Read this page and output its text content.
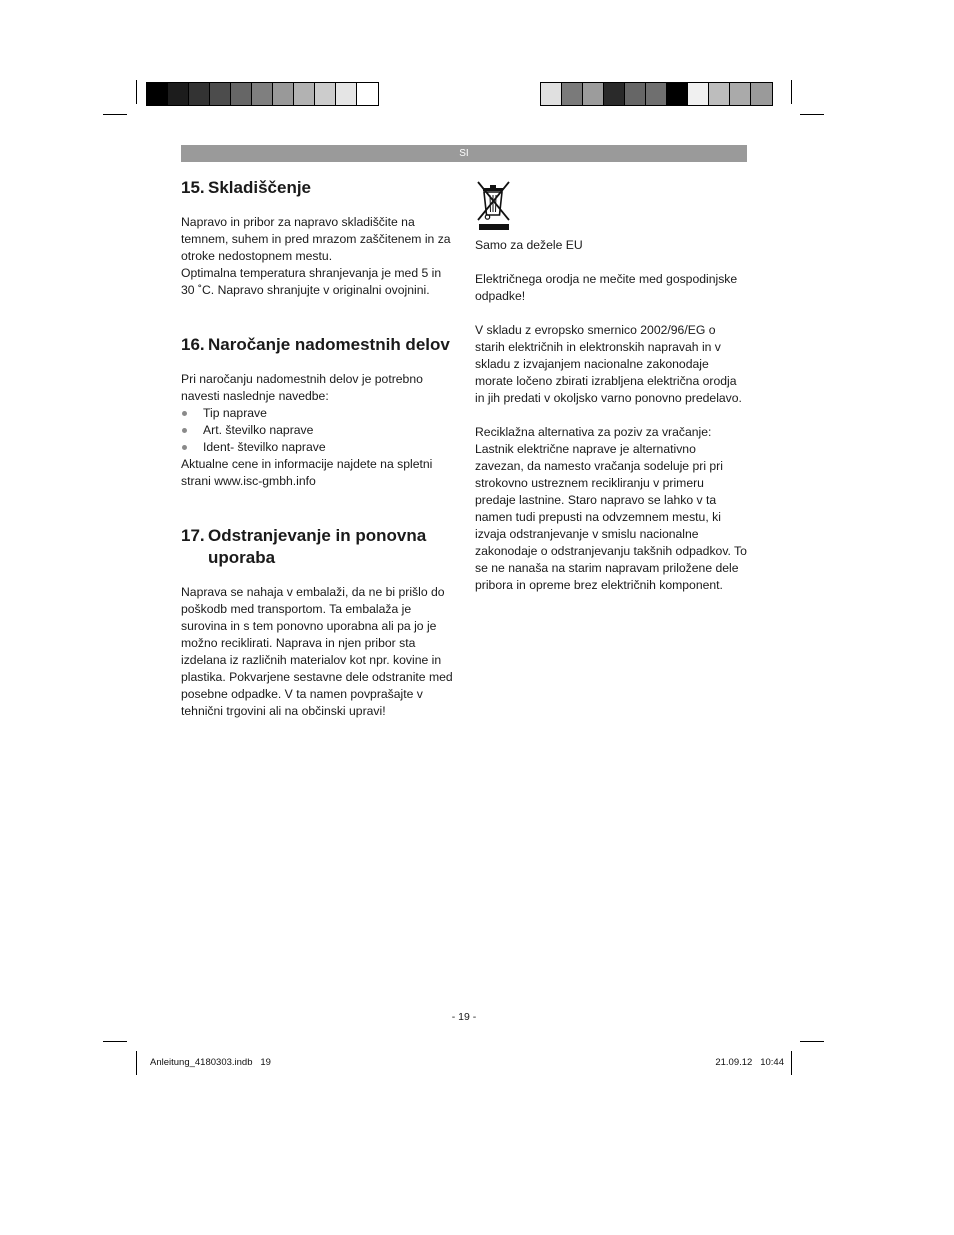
SI
15. Skladiščenje

Napravo in pribor za napravo skladiščite na temnem, suhem in pred mrazom zaščitenem in za otroke nedostopnem mestu.

Optimalna temperatura shranjevanja je med 5 in 30 ˚C. Napravo shranjujte v originalni ovojnini.

16. Naročanje nadomestnih delov

Pri naročanju nadomestnih delov je potrebno navesti naslednje navedbe:

Tip naprave
Art. številko naprave
Ident- številko naprave

Aktualne cene in informacije najdete na spletni strani www.isc-gmbh.info

17. Odstranjevanje in ponovna uporaba

Naprava se nahaja v embalaži, da ne bi prišlo do poškodb med transportom. Ta embalaža je surovina in s tem ponovno uporabna ali pa jo je možno reciklirati. Naprava in njen pribor sta izdelana iz različnih materialov kot npr. kovine in plastika. Pokvarjene sestavne dele odstranite med posebne odpadke. V ta namen povprašajte v tehnični trgovini ali na občinski upravi!

Samo za dežele EU

Električnega orodja ne mečite med gospodinjske odpadke!

V skladu z evropsko smernico 2002/96/EG o starih električnih in elektronskih napravah in v skladu z izvajanjem nacionalne zakonodaje morate ločeno zbirati izrabljena električna orodja in jih predati v okoljsko varno ponovno predelavo.

Reciklažna alternativa za poziv za vračanje: Lastnik električne naprave je alternativno zavezan, da namesto vračanja sodeluje pri pri strokovno ustreznem recikliranju v primeru predaje lastnine. Staro napravo se lahko v ta namen tudi prepusti na odvzemnem mestu, ki izvaja odstranjevanje v smislu nacionalne zakonodaje o odstranjevanju takšnih odpadkov. To se ne nanaša na starim napravam priložene dele pribora in opreme brez električnih komponent.

- 19 -
Anleitung_4180303.indb   19	21.09.12   10:44
